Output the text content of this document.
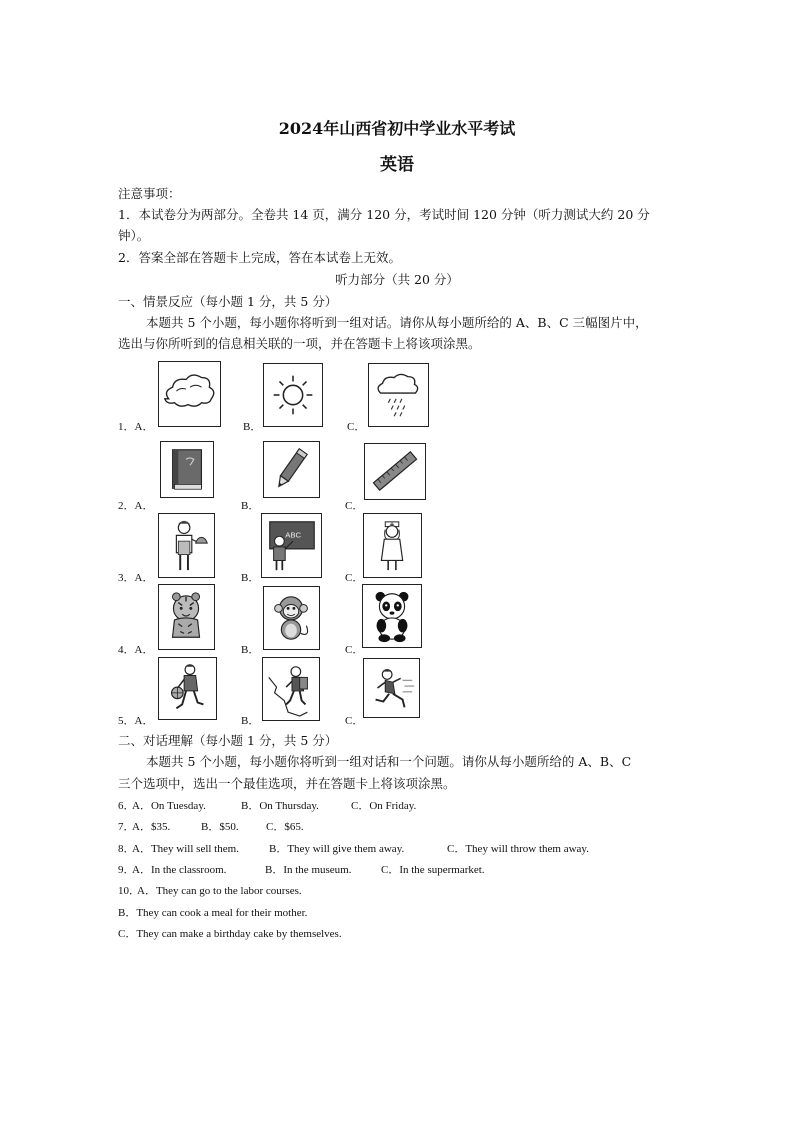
2024年山西省初中学业水平考试
英语
注意事项：
1．本试卷分为两部分。全卷共 14 页，满分 120 分，考试时间 120 分钟（听力测试大约 20 分
钟）。
2．答案全部在答题卡上完成，答在本试卷上无效。
听力部分（共 20 分）
一、情景反应（每小题 1 分，共 5 分）
本题共 5 个小题，每小题你将听到一组对话。请你从每小题所给的 A、B、C 三幅图片中，
选出与你所听到的信息相关联的一项，并在答题卡上将该项涂黑。
1．A．	B．	C．
2．A．	B．	C．
ABC
3．A．	B．	C．
4．A．	B．	C．
5．A．	B．	C．
二、对话理解（每小题 1 分，共 5 分）
本题共 5 个小题，每小题你将听到一组对话和一个问题。请你从每小题所给的 A、B、C
三个选项中，选出一个最佳选项，并在答题卡上将该项涂黑。
6．
A．On Tuesday.	B．On Thursday.	C．On Friday.
7．
A．$35.	B．$50. C．$65.
8．
A．They will sell them.	B．They will give them away.	C．They will throw them away.
9．
A．In the classroom.	B．In the museum.	C．In the supermarket.
10．
A．They can go to the labor courses.
B．They can cook a meal for their mother.
C．They can make a birthday cake by themselves.
